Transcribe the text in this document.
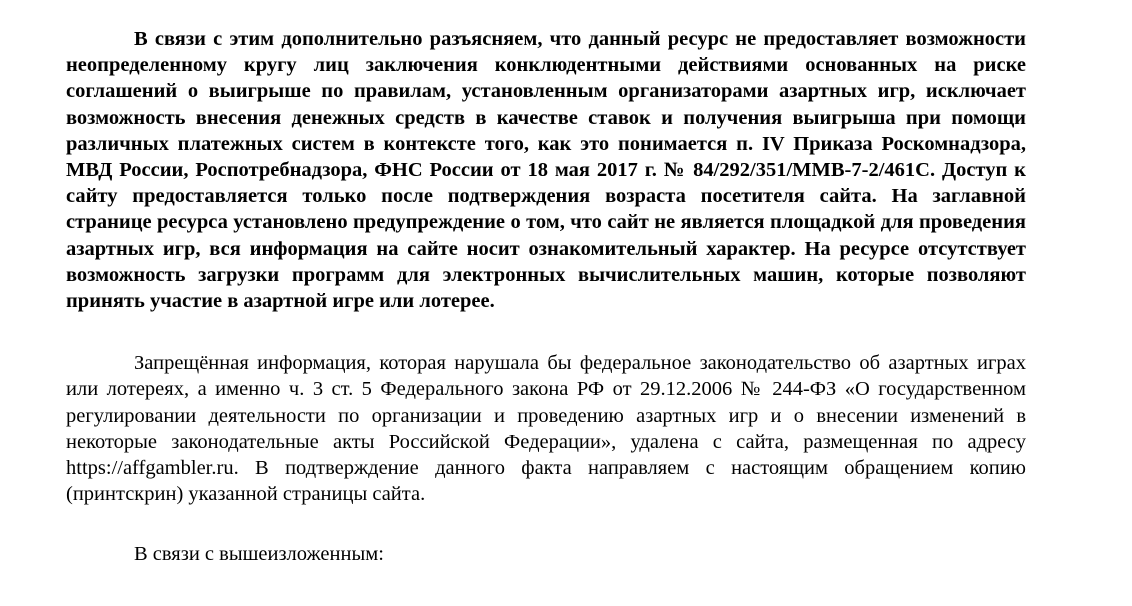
В связи с этим дополнительно разъясняем, что данный ресурс не предоставляет возможности неопределенному кругу лиц заключения конклюдентными действиями основанных на риске соглашений о выигрыше по правилам, установленным организаторами азартных игр, исключает возможность внесения денежных средств в качестве ставок и получения выигрыша при помощи различных платежных систем в контексте того, как это понимается п. IV Приказа Роскомнадзора, МВД России, Роспотребнадзора, ФНС России от 18 мая 2017 г. № 84/292/351/ММВ-7-2/461С. Доступ к сайту предоставляется только после подтверждения возраста посетителя сайта. На заглавной странице ресурса установлено предупреждение о том, что сайт не является площадкой для проведения азартных игр, вся информация на сайте носит ознакомительный характер. На ресурсе отсутствует возможность загрузки программ для электронных вычислительных машин, которые позволяют принять участие в азартной игре или лотерее.

Запрещённая информация, которая нарушала бы федеральное законодательство об азартных играх или лотереях, а именно ч. 3 ст. 5 Федерального закона РФ от 29.12.2006 № 244-ФЗ «О государственном регулировании деятельности по организации и проведению азартных игр и о внесении изменений в некоторые законодательные акты Российской Федерации», удалена с сайта, размещенная по адресу https://affgambler.ru. В подтверждение данного факта направляем с настоящим обращением копию (принтскрин) указанной страницы сайта.

В связи с вышеизложенным:
